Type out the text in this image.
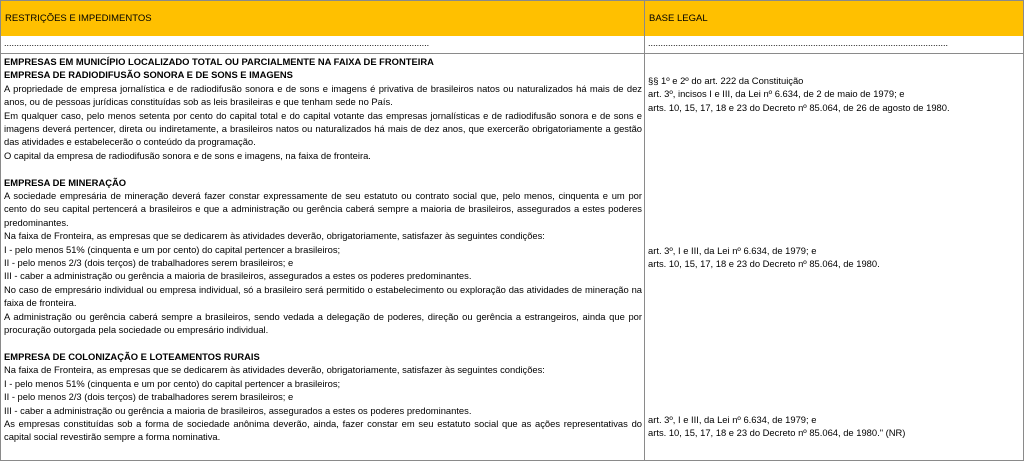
RESTRIÇÕES E IMPEDIMENTOS	BASE LEGAL
..........................................................................................................................................................................	........................................................................................................................

EMPRESAS EM MUNICÍPIO LOCALIZADO TOTAL OU PARCIALMENTE NA FAIXA DE FRONTEIRA

EMPRESA DE RADIODIFUSÃO SONORA E DE SONS E IMAGENS

A propriedade de empresa jornalística e de radiodifusão sonora e de sons e imagens é privativa de brasileiros natos ou naturalizados há mais de dez anos, ou de pessoas jurídicas constituídas sob as leis brasileiras e que tenham sede no País.

Em qualquer caso, pelo menos setenta por cento do capital total e do capital votante das empresas jornalísticas e de radiodifusão sonora e de sons e imagens deverá pertencer, direta ou indiretamente, a brasileiros natos ou naturalizados há mais de dez anos, que exercerão obrigatoriamente a gestão das atividades e estabelecerão o conteúdo da programação.

O capital da empresa de radiodifusão sonora e de sons e imagens, na faixa de fronteira.

EMPRESA DE MINERAÇÃO

A sociedade empresária de mineração deverá fazer constar expressamente de seu estatuto ou contrato social que, pelo menos, cinquenta e um por cento do seu capital pertencerá a brasileiros e que a administração ou gerência caberá sempre a maioria de brasileiros, assegurados a estes poderes predominantes.

Na faixa de Fronteira, as empresas que se dedicarem às atividades deverão, obrigatoriamente, satisfazer às seguintes condições:

I - pelo menos 51% (cinquenta e um por cento) do capital pertencer a brasileiros;

II - pelo menos 2/3 (dois terços) de trabalhadores serem brasileiros; e

III - caber a administração ou gerência a maioria de brasileiros, assegurados a estes os poderes predominantes.

No caso de empresário individual ou empresa individual, só a brasileiro será permitido o estabelecimento ou exploração das atividades de mineração na faixa de fronteira.

A administração ou gerência caberá sempre a brasileiros, sendo vedada a delegação de poderes, direção ou gerência a estrangeiros, ainda que por procuração outorgada pela sociedade ou empresário individual.

EMPRESA DE COLONIZAÇÃO E LOTEAMENTOS RURAIS

Na faixa de Fronteira, as empresas que se dedicarem às atividades deverão, obrigatoriamente, satisfazer às seguintes condições:

I - pelo menos 51% (cinquenta e um por cento) do capital pertencer a brasileiros;

II - pelo menos 2/3 (dois terços) de trabalhadores serem brasileiros; e

III - caber a administração ou gerência a maioria de brasileiros, assegurados a estes os poderes predominantes.

As empresas constituídas sob a forma de sociedade anônima deverão, ainda, fazer constar em seu estatuto social que as ações representativas do capital social revestirão sempre a forma nominativa.

§§ 1º e 2º do art. 222 da Constituição

art. 3º, incisos I e III, da Lei nº 6.634, de 2 de maio de 1979; e

arts. 10, 15, 17, 18 e 23 do Decreto nº 85.064, de 26 de agosto de 1980.

art. 3º, I e III, da Lei nº 6.634, de 1979; e

arts. 10, 15, 17, 18 e 23 do Decreto nº 85.064, de 1980.

art. 3º, I e III, da Lei nº 6.634, de 1979; e

arts. 10, 15, 17, 18 e 23 do Decreto nº 85.064, de 1980." (NR)
